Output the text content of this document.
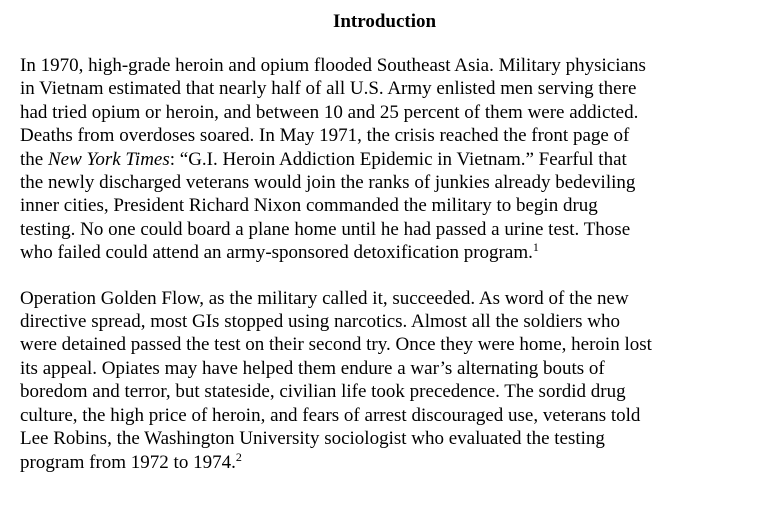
Introduction

In 1970, high-grade heroin and opium flooded Southeast Asia. Military physicians
in Vietnam estimated that nearly half of all U.S. Army enlisted men serving there
had tried opium or heroin, and between 10 and 25 percent of them were addicted.
Deaths from overdoses soared. In May 1971, the crisis reached the front page of
the New York Times: “G.I. Heroin Addiction Epidemic in Vietnam.” Fearful that
the newly discharged veterans would join the ranks of junkies already bedeviling
inner cities, President Richard Nixon commanded the military to begin drug
testing. No one could board a plane home until he had passed a urine test. Those
who failed could attend an army-sponsored detoxification program.$^1$

Operation Golden Flow, as the military called it, succeeded. As word of the new
directive spread, most GIs stopped using narcotics. Almost all the soldiers who
were detained passed the test on their second try. Once they were home, heroin lost
its appeal. Opiates may have helped them endure a war’s alternating bouts of
boredom and terror, but stateside, civilian life took precedence. The sordid drug
culture, the high price of heroin, and fears of arrest discouraged use, veterans told
Lee Robins, the Washington University sociologist who evaluated the testing
program from 1972 to 1974.$^2$
